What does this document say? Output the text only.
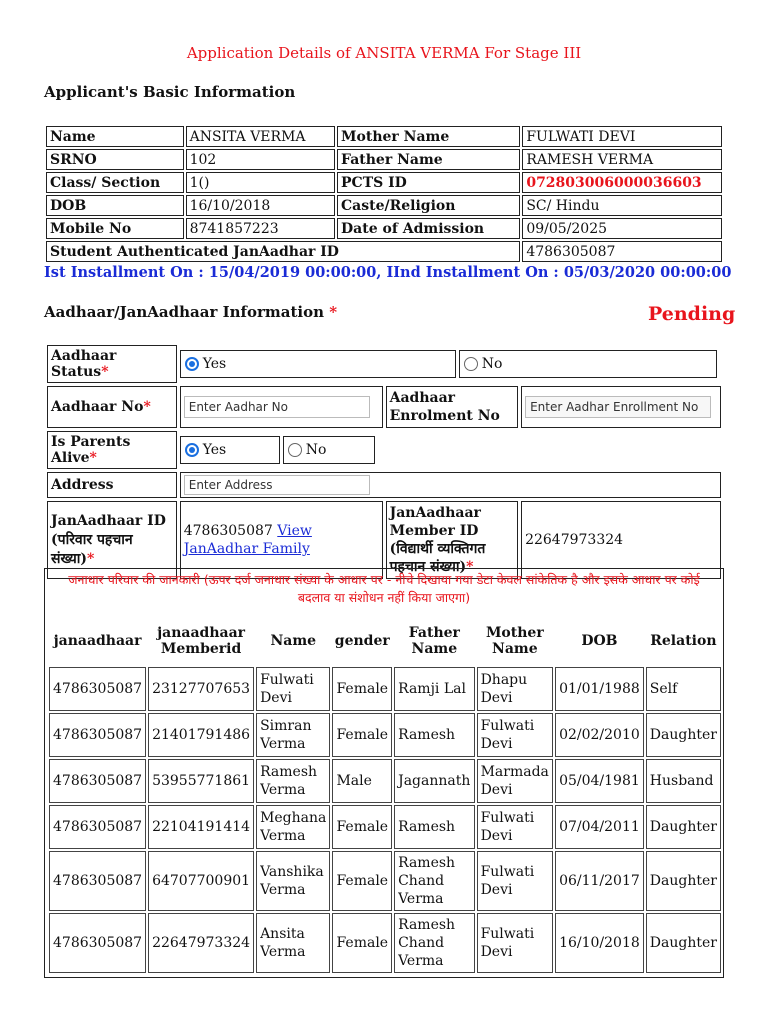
Application Details of ANSITA VERMA For Stage III
Applicant's Basic Information
Name	ANSITA VERMA	Mother Name	FULWATI DEVI
SRNO	102	Father Name	RAMESH VERMA
Class/ Section	1()	PCTS ID	072803006000036603
DOB	16/10/2018	Caste/Religion	SC/ Hindu
Mobile No	8741857223	Date of Admission	09/05/2025
Student Authenticated JanAadhar ID			4786305087
Ist Installment On : 15/04/2019 00:00:00, IInd Installment On : 05/03/2020 00:00:00
Aadhaar/JanAadhaar Information *	Pending
Aadhaar Status*	Yes No		

Aadhaar No*	Enter Aadhar No	Aadhaar Enrolment No	Enter Aadhar Enrollment No
Is Parents Alive*	Yes No		

Address	Enter Address		
JanAadhaar ID (परिवार पहचान संख्या)*	4786305087 View JanAadhar Family	JanAadhaar Member ID (विद्यार्थी व्यक्तिगत पहचान संख्या)*	22647973324
जनाधार परिवार की जानकारी (ऊपर दर्ज जनाधार संख्या के आधार पर - नीचे दिखाया गया डेटा केवल सांकेतिक है और इसके आधार पर कोई बदलाव या संशोधन नहीं किया जाएगा)
janaadhaar	janaadhaar Memberid	Name	gender	Father Name	Mother Name	DOB	Relation
4786305087	23127707653	Fulwati Devi	Female	Ramji Lal	Dhapu Devi	01/01/1988	Self
4786305087	21401791486	Simran Verma	Female	Ramesh	Fulwati Devi	02/02/2010	Daughter
4786305087	53955771861	Ramesh Verma	Male	Jagannath	Marmada Devi	05/04/1981	Husband
4786305087	22104191414	Meghana Verma	Female	Ramesh	Fulwati Devi	07/04/2011	Daughter
4786305087	64707700901	Vanshika Verma	Female	Ramesh Chand Verma	Fulwati Devi	06/11/2017	Daughter
4786305087	22647973324	Ansita Verma	Female	Ramesh Chand Verma	Fulwati Devi	16/10/2018	Daughter
